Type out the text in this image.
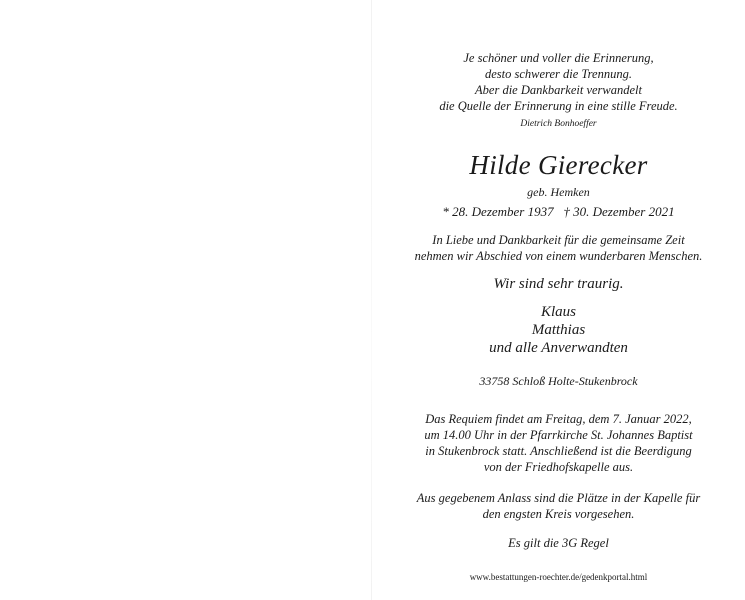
Je schöner und voller die Erinnerung,
desto schwerer die Trennung.
Aber die Dankbarkeit verwandelt
die Quelle der Erinnerung in eine stille Freude.
Dietrich Bonhoeffer
Hilde Gierecker
geb. Hemken
* 28. Dezember 1937   † 30. Dezember 2021
In Liebe und Dankbarkeit für die gemeinsame Zeit
nehmen wir Abschied von einem wunderbaren Menschen.
Wir sind sehr traurig.
Klaus
Matthias
und alle Anverwandten
33758 Schloß Holte-Stukenbrock
Das Requiem findet am Freitag, dem 7. Januar 2022,
um 14.00 Uhr in der Pfarrkirche St. Johannes Baptist
in Stukenbrock statt. Anschließend ist die Beerdigung
von der Friedhofskapelle aus.
Aus gegebenem Anlass sind die Plätze in der Kapelle für
den engsten Kreis vorgesehen.
Es gilt die 3G Regel
www.bestattungen-roechter.de/gedenkportal.html
